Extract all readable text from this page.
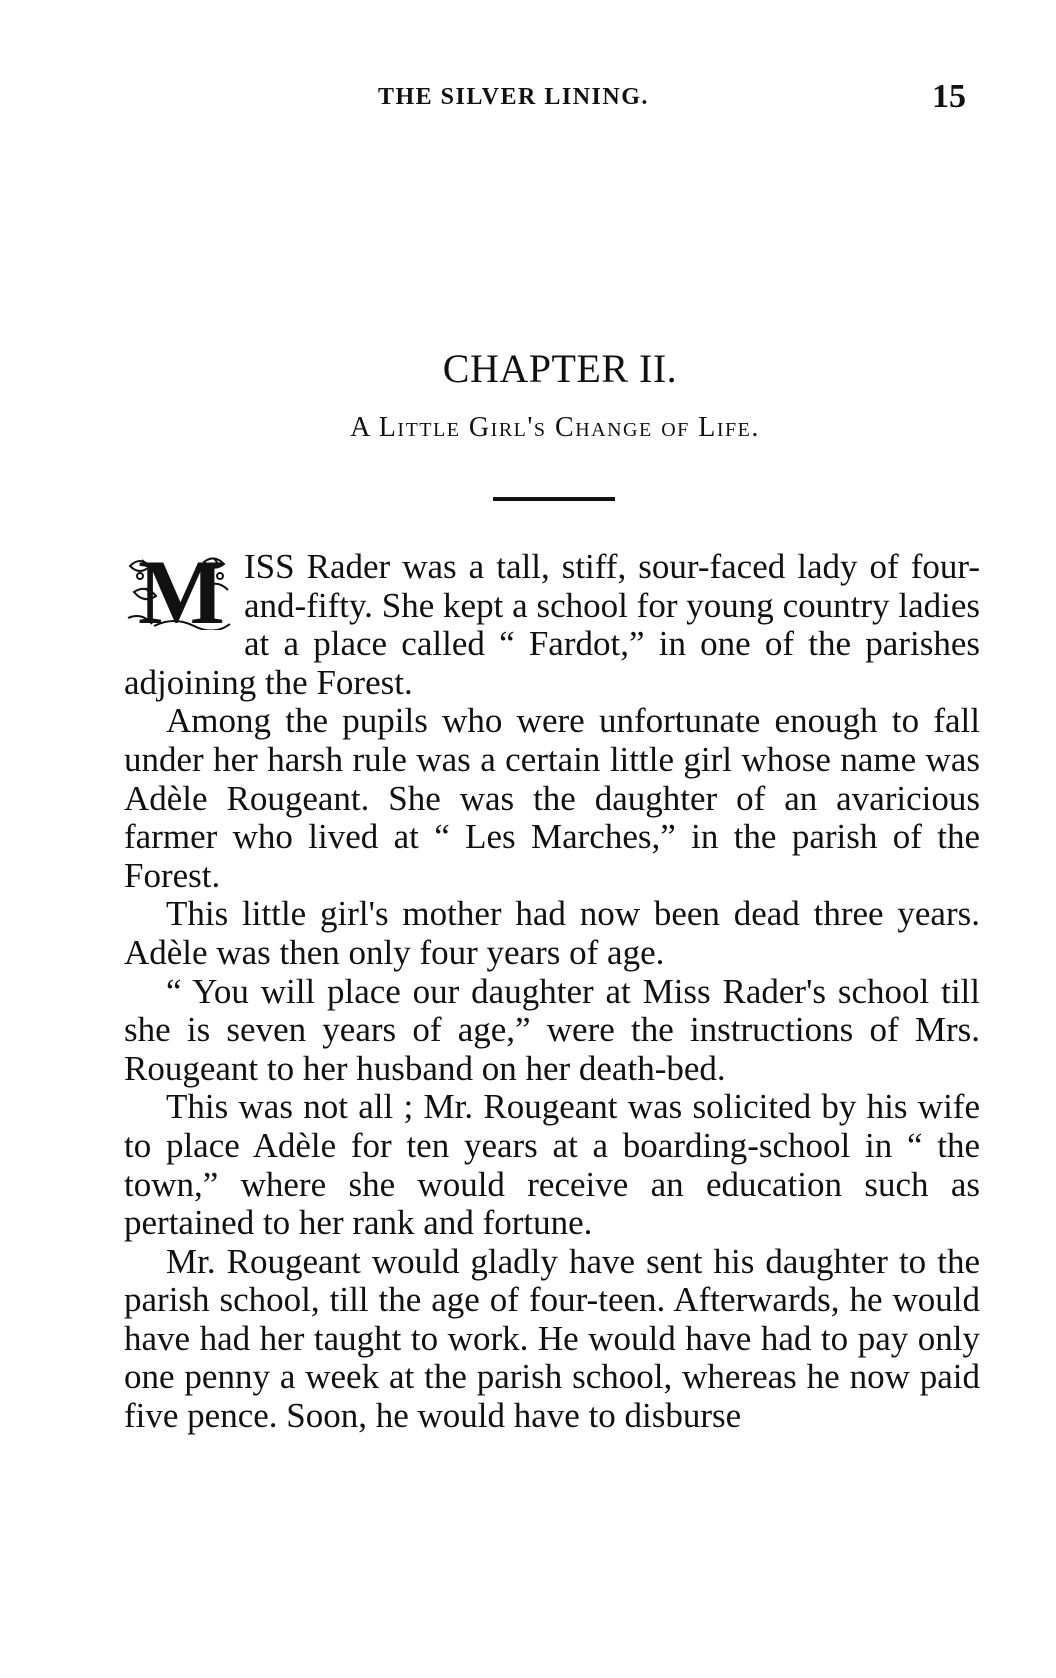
THE SILVER LINING.	15
CHAPTER II.
A Little Girl's Change of Life.

M ISS Rader was a tall, stiff, sour-faced lady of four-and-fifty. She kept a school for young country ladies at a place called “ Fardot,” in one of the parishes adjoining the Forest.

Among the pupils who were unfortunate enough to fall under her harsh rule was a certain little girl whose name was Adèle Rougeant. She was the daughter of an avaricious farmer who lived at “ Les Marches,” in the parish of the Forest.

This little girl's mother had now been dead three years. Adèle was then only four years of age.

“ You will place our daughter at Miss Rader's school till she is seven years of age,” were the instructions of Mrs. Rougeant to her husband on her death-bed.

This was not all ; Mr. Rougeant was solicited by his wife to place Adèle for ten years at a boarding-school in “ the town,” where she would receive an education such as pertained to her rank and fortune.

Mr. Rougeant would gladly have sent his daughter to the parish school, till the age of four-teen. Afterwards, he would have had her taught to work. He would have had to pay only one penny a week at the parish school, whereas he now paid five pence. Soon, he would have to disburse
